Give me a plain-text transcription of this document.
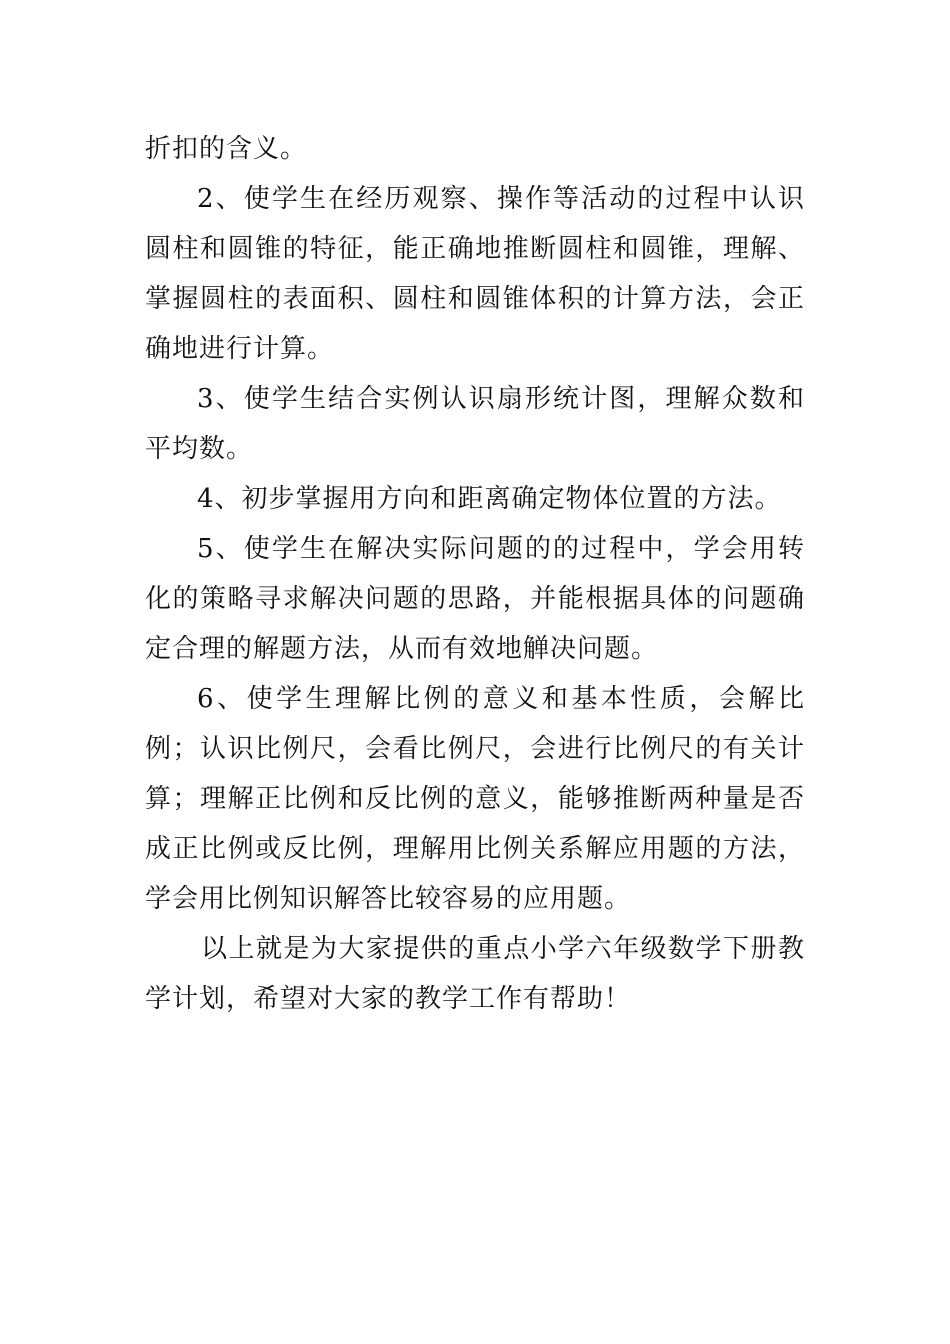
折扣的含义。

2、使学生在经历观察、操作等活动的过程中认识圆柱和圆锥的特征，能正确地推断圆柱和圆锥，理解、掌握圆柱的表面积、圆柱和圆锥体积的计算方法，会正确地进行计算。

3、使学生结合实例认识扇形统计图，理解众数和平均数。

4、初步掌握用方向和距离确定物体位置的方法。

5、使学生在解决实际问题的的过程中，学会用转化的策略寻求解决问题的思路，并能根据具体的问题确定合理的解题方法，从而有效地觯决问题。

6、使学生理解比例的意义和基本性质，会解比例；认识比例尺，会看比例尺，会进行比例尺的有关计算；理解正比例和反比例的意义，能够推断两种量是否成正比例或反比例，理解用比例关系解应用题的方法，学会用比例知识解答比较容易的应用题。

以上就是为大家提供的重点小学六年级数学下册教学计划，希望对大家的教学工作有帮助！
